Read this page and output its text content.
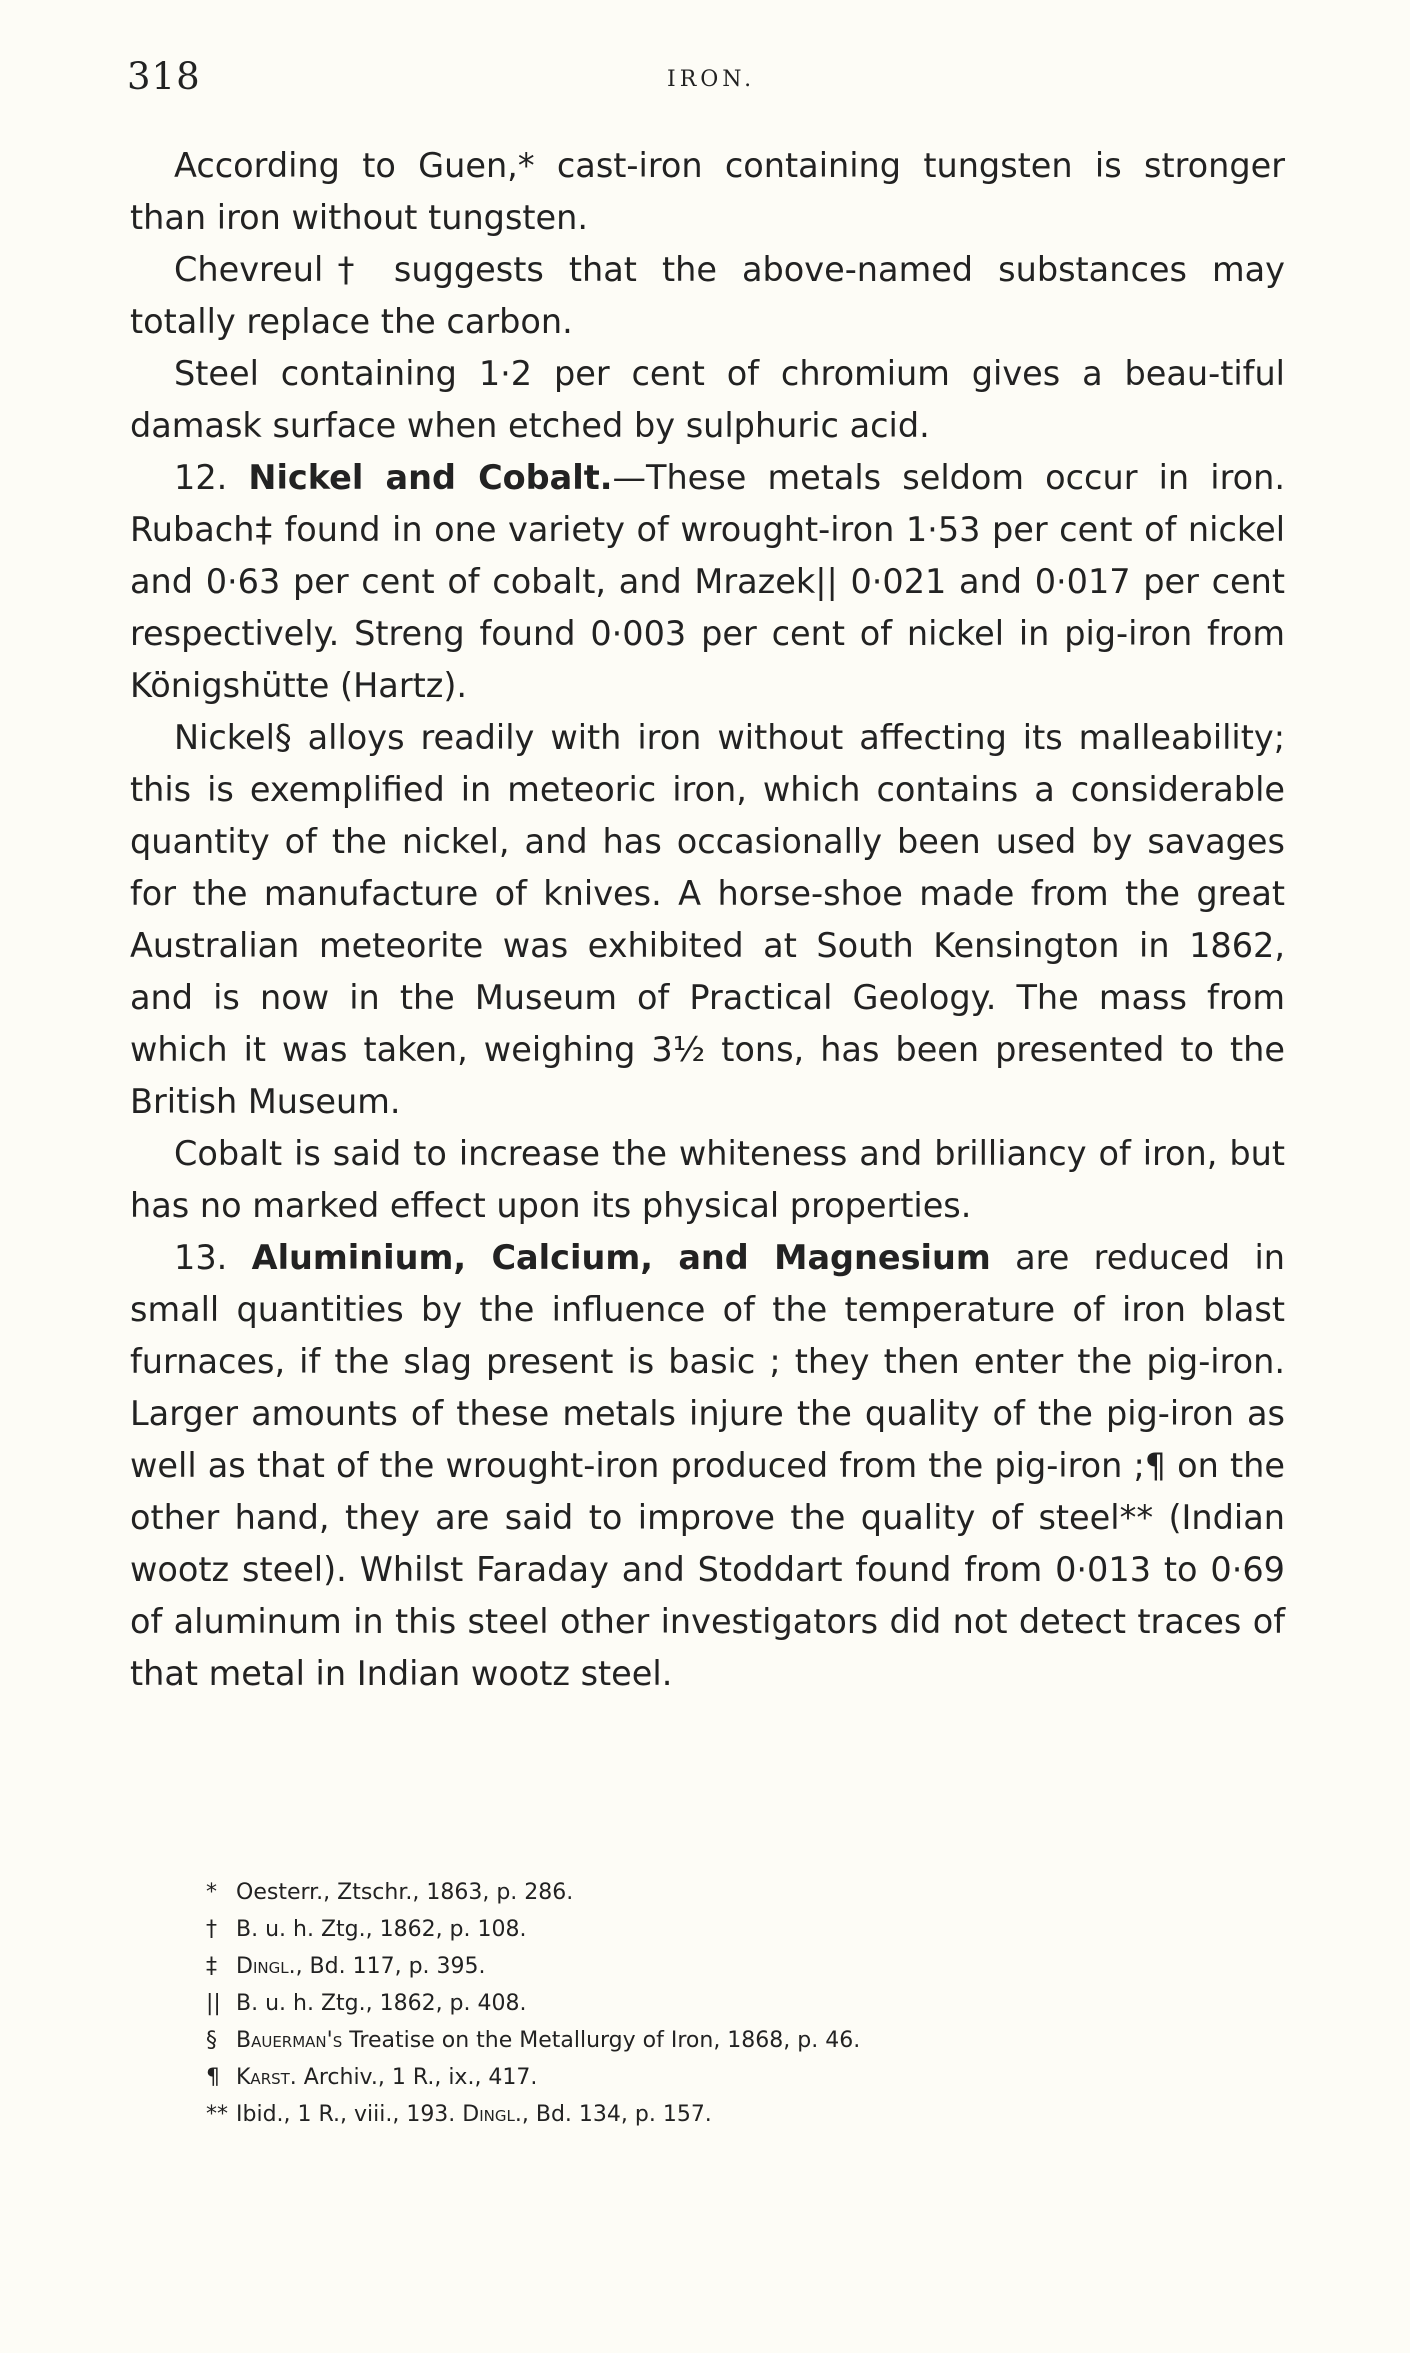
318	IRON.

According to Guen,* cast-iron containing tungsten is stronger than iron without tungsten.

Chevreul† suggests that the above-named substances may totally replace the carbon.

Steel containing 1·2 per cent of chromium gives a beau-tiful damask surface when etched by sulphuric acid.

12. Nickel and Cobalt.—These metals seldom occur in iron. Rubach‡ found in one variety of wrought-iron 1·53 per cent of nickel and 0·63 per cent of cobalt, and Mrazek|| 0·021 and 0·017 per cent respectively. Streng found 0·003 per cent of nickel in pig-iron from Königshütte (Hartz).

Nickel§ alloys readily with iron without affecting its malleability; this is exemplified in meteoric iron, which contains a considerable quantity of the nickel, and has occasionally been used by savages for the manufacture of knives. A horse-shoe made from the great Australian meteorite was exhibited at South Kensington in 1862, and is now in the Museum of Practical Geology. The mass from which it was taken, weighing 3½ tons, has been presented to the British Museum.

Cobalt is said to increase the whiteness and brilliancy of iron, but has no marked effect upon its physical properties.

13. Aluminium, Calcium, and Magnesium are reduced in small quantities by the influence of the temperature of iron blast furnaces, if the slag present is basic ; they then enter the pig-iron. Larger amounts of these metals injure the quality of the pig-iron as well as that of the wrought-iron produced from the pig-iron ;¶ on the other hand, they are said to improve the quality of steel** (Indian wootz steel). Whilst Faraday and Stoddart found from 0·013 to 0·69 of aluminum in this steel other investigators did not detect traces of that metal in Indian wootz steel.

* Oesterr., Ztschr., 1863, p. 286.
† B. u. h. Ztg., 1862, p. 108.
‡ Dingl., Bd. 117, p. 395.
|| B. u. h. Ztg., 1862, p. 408.
§ Bauerman's Treatise on the Metallurgy of Iron, 1868, p. 46.
¶ Karst. Archiv., 1 R., ix., 417.
** Ibid., 1 R., viii., 193. Dingl., Bd. 134, p. 157.
